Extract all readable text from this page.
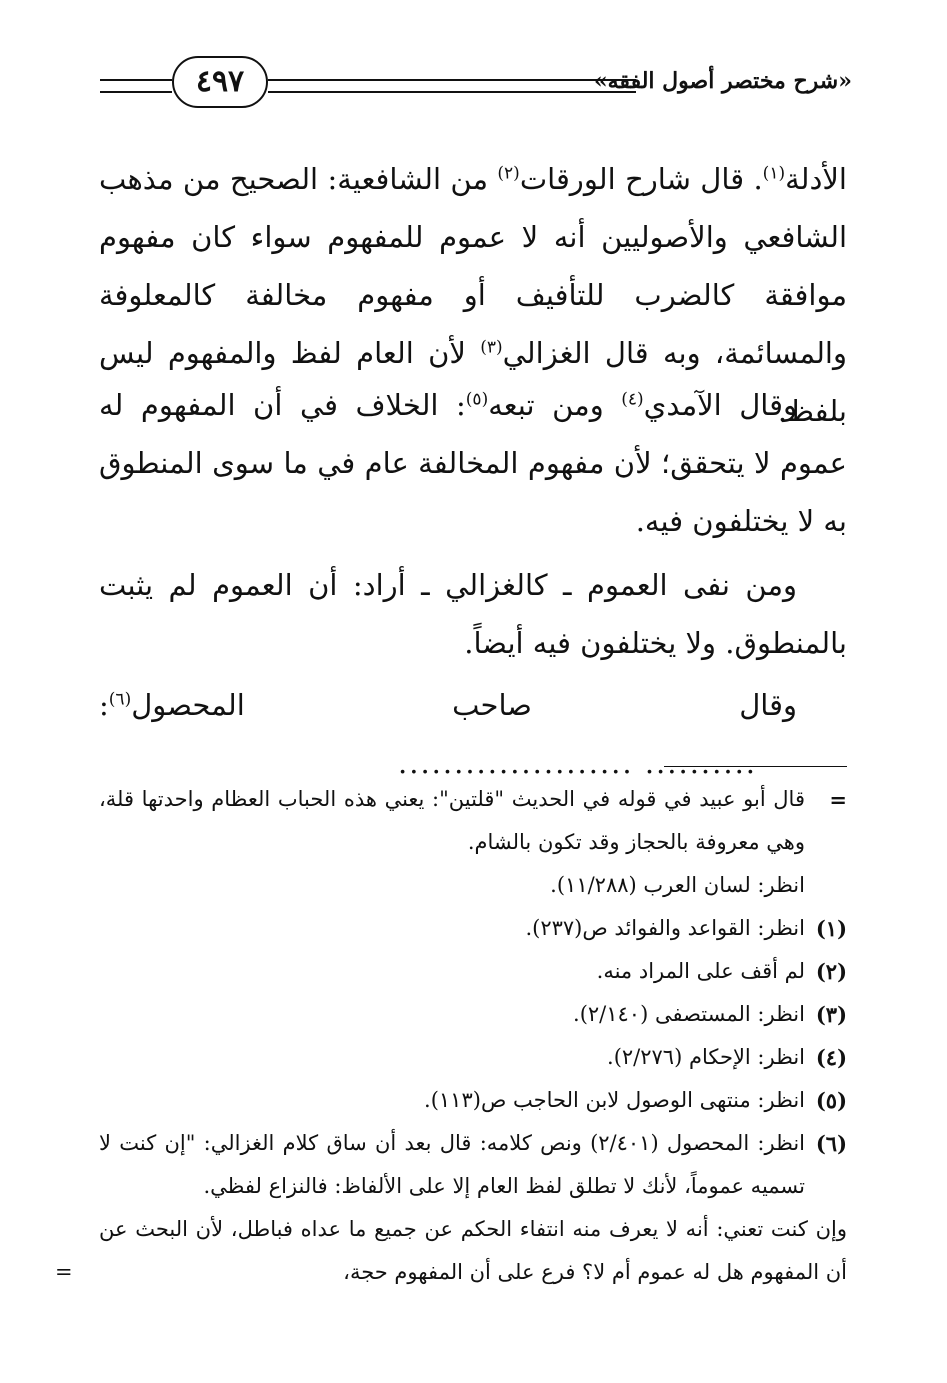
٤٩٧	«شرح مختصر أصول الفقه»
الأدلة$^{(١)}$. قال شارح الورقات$^{(٢)}$ من الشافعية: الصحيح من مذهب الشافعي والأصوليين أنه لا عموم للمفهوم سواء كان مفهوم موافقة كالضرب للتأفيف أو مفهوم مخالفة كالمعلوفة والمسائمة، وبه قال الغزالي$^{(٣)}$ لأن العام لفظ والمفهوم ليس بلفظ.
وقال الآمدي$^{(٤)}$ ومن تبعه$^{(٥)}$: الخلاف في أن المفهوم له عموم لا يتحقق؛ لأن مفهوم المخالفة عام في ما سوى المنطوق به لا يختلفون فيه.
ومن نفى العموم ـ كالغزالي ـ أراد: أن العموم لم يثبت بالمنطوق. ولا يختلفون فيه أيضاً.
وقال صاحب المحصول$^{(٦)}$:.......... .....................
=
قال أبو عبيد في قوله في الحديث "قلتين": يعني هذه الحباب العظام واحدتها قلة، وهي معروفة بالحجاز وقد تكون بالشام.
انظر: لسان العرب (١١/٢٨٨).
(١)
انظر: القواعد والفوائد ص(٢٣٧).
(٢)
لم أقف على المراد منه.
(٣)
انظر: المستصفى (٢/١٤٠).
(٤)
انظر: الإحكام (٢/٢٧٦).
(٥)
انظر: منتهى الوصول لابن الحاجب ص(١١٣).
(٦)
انظر: المحصول (٢/٤٠١) ونص كلامه: قال بعد أن ساق كلام الغزالي: "إن كنت لا تسميه عموماً، لأنك لا تطلق لفظ العام إلا على الألفاظ: فالنزاع لفظي.
وإن كنت تعني: أنه لا يعرف منه انتفاء الحكم عن جميع ما عداه فباطل، لأن البحث عن أن المفهوم هل له عموم أم لا؟ فرع على أن المفهوم حجة،
=
